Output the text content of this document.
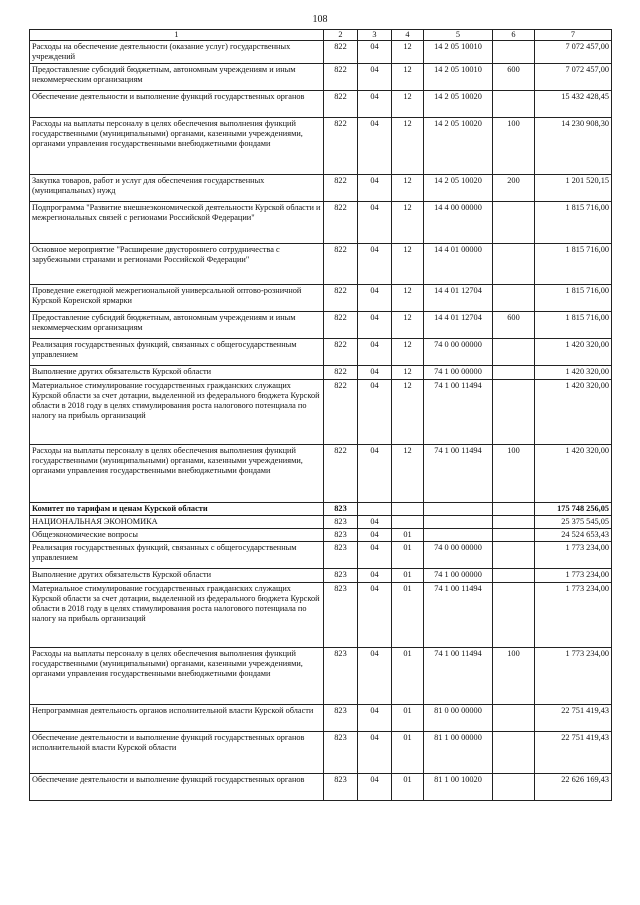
108
1	2	3	4	5	6	7
Расходы на обеспечение деятельности (оказание услуг) государственных учреждений	822	04	12	14 2 05 10010		7 072 457,00
Предоставление субсидий бюджетным, автономным учреждениям и иным некоммерческим организациям	822	04	12	14 2 05 10010	600	7 072 457,00
Обеспечение деятельности и выполнение функций государственных органов	822	04	12	14 2 05 10020		15 432 428,45
Расходы на выплаты персоналу в целях обеспечения выполнения функций государственными (муниципальными) органами, казенными учреждениями, органами управления государственными внебюджетными фондами	822	04	12	14 2 05 10020	100	14 230 908,30
Закупка товаров, работ и услуг для обеспечения государственных (муниципальных) нужд	822	04	12	14 2 05 10020	200	1 201 520,15
Подпрограмма "Развитие внешнеэкономической деятельности Курской области и межрегиональных связей с регионами Российской Федерации"	822	04	12	14 4 00 00000		1 815 716,00
Основное мероприятие "Расширение двустороннего сотрудничества с зарубежными странами и регионами Российской Федерации"	822	04	12	14 4 01 00000		1 815 716,00
Проведение ежегодной межрегиональной универсальной оптово-розничной Курской Коренской ярмарки	822	04	12	14 4 01 12704		1 815 716,00
Предоставление субсидий бюджетным, автономным учреждениям и иным некоммерческим организациям	822	04	12	14 4 01 12704	600	1 815 716,00
Реализация государственных функций, связанных с общегосударственным управлением	822	04	12	74 0 00 00000		1 420 320,00
Выполнение других обязательств Курской области	822	04	12	74 1 00 00000		1 420 320,00
Материальное стимулирование государственных гражданских служащих Курской области за счет дотации, выделенной из федерального бюджета Курской области в 2018 году в целях стимулирования роста налогового потенциала по налогу на прибыль организаций	822	04	12	74 1 00 11494		1 420 320,00
Расходы на выплаты персоналу в целях обеспечения выполнения функций государственными (муниципальными) органами, казенными учреждениями, органами управления государственными внебюджетными фондами	822	04	12	74 1 00 11494	100	1 420 320,00
Комитет по тарифам и ценам Курской области	823					175 748 256,05
НАЦИОНАЛЬНАЯ ЭКОНОМИКА	823	04				25 375 545,05
Общеэкономические вопросы	823	04	01			24 524 653,43
Реализация государственных функций, связанных с общегосударственным управлением	823	04	01	74 0 00 00000		1 773 234,00
Выполнение других обязательств Курской области	823	04	01	74 1 00 00000		1 773 234,00
Материальное стимулирование государственных гражданских служащих Курской области за счет дотации, выделенной из федерального бюджета Курской области в 2018 году в целях стимулирования роста налогового потенциала по налогу на прибыль организаций	823	04	01	74 1 00 11494		1 773 234,00
Расходы на выплаты персоналу в целях обеспечения выполнения функций государственными (муниципальными) органами, казенными учреждениями, органами управления государственными внебюджетными фондами	823	04	01	74 1 00 11494	100	1 773 234,00
Непрограммная деятельность органов исполнительной власти Курской области	823	04	01	81 0 00 00000		22 751 419,43
Обеспечение деятельности и выполнение функций государственных органов исполнительной власти Курской области	823	04	01	81 1 00 00000		22 751 419,43
Обеспечение деятельности и выполнение функций государственных органов	823	04	01	81 1 00 10020		22 626 169,43
